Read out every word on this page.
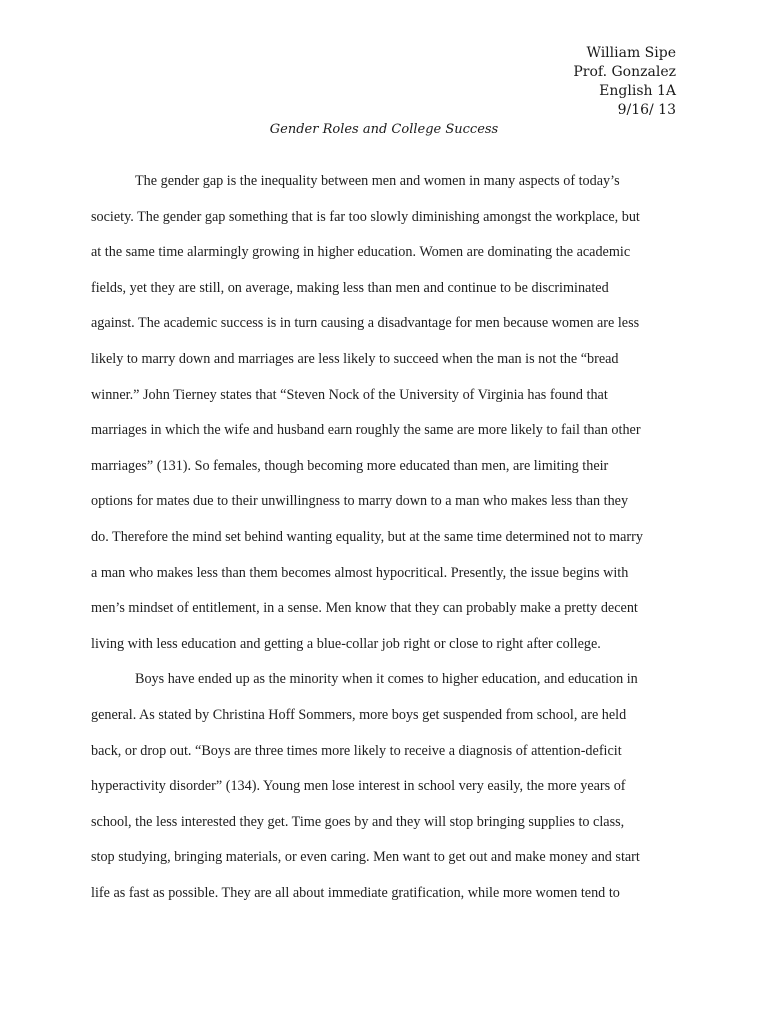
William Sipe
Prof. Gonzalez
English 1A
9/16/ 13
Gender Roles and College Success
The gender gap is the inequality between men and women in many aspects of today’s
society. The gender gap something that is far too slowly diminishing amongst the workplace, but
at the same time alarmingly growing in higher education. Women are dominating the academic
fields, yet they are still, on average, making less than men and continue to be discriminated
against. The academic success is in turn causing a disadvantage for men because women are less
likely to marry down and marriages are less likely to succeed when the man is not the “bread
winner.” John Tierney states that “Steven Nock of the University of Virginia has found that
marriages in which the wife and husband earn roughly the same are more likely to fail than other
marriages” (131). So females, though becoming more educated than men, are limiting their
options for mates due to their unwillingness to marry down to a man who makes less than they
do. Therefore the mind set behind wanting equality, but at the same time determined not to marry
a man who makes less than them becomes almost hypocritical. Presently, the issue begins with
men’s mindset of entitlement, in a sense. Men know that they can probably make a pretty decent
living with less education and getting a blue-collar job right or close to right after college.
Boys have ended up as the minority when it comes to higher education, and education in
general. As stated by Christina Hoff Sommers, more boys get suspended from school, are held
back, or drop out. “Boys are three times more likely to receive a diagnosis of attention-deficit
hyperactivity disorder” (134). Young men lose interest in school very easily, the more years of
school, the less interested they get. Time goes by and they will stop bringing supplies to class,
stop studying, bringing materials, or even caring. Men want to get out and make money and start
life as fast as possible. They are all about immediate gratification, while more women tend to
